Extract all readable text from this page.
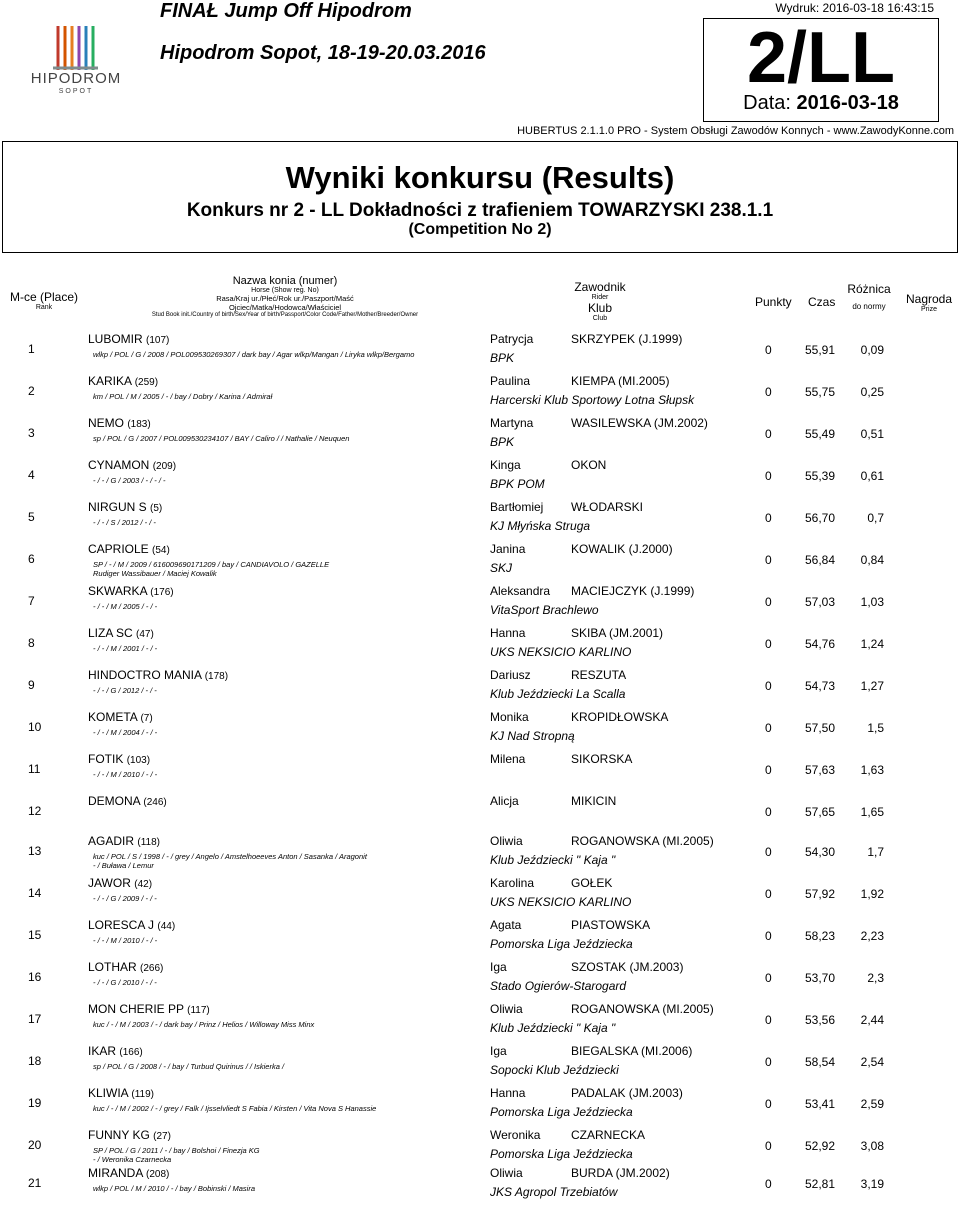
HIPODROM
SOPOT
FINAŁ Jump Off Hipodrom
Hipodrom Sopot, 18-19-20.03.2016
Wydruk: 2016-03-18 16:43:15
2/LL
Data: 2016-03-18
HUBERTUS 2.1.1.0 PRO - System Obsługi Zawodów Konnych - www.ZawodyKonne.com
Wyniki konkursu (Results)
Konkurs nr 2 - LL Dokładności z trafieniem TOWARZYSKI 238.1.1
(Competition No 2)
M-ce (Place)
Rank
Nazwa konia (numer)
Horse (Show reg. No)
Rasa/Kraj ur./Płeć/Rok ur./Paszport/Maść
Ojciec/Matka/Hodowca/Właściciel
Stud Book init./Country of birth/Sex/Year of birth/Passport/Color Code/Father/Mother/Breeder/Owner
Zawodnik
Rider
Klub
Club
Punkty Czas
Różnica
do normy
Nagroda
Prize
1
LUBOMIR (107)
wlkp / POL / G / 2008 / POL009530269307 / dark bay / Agar wlkp/Mangan / Liryka wlkp/Bergamo
Patrycja	SKRZYPEK (J.1999)
BPK
0	55,91	0,09
2
KARIKA (259)
km / POL / M / 2005 / - / bay / Dobry / Karina / Admirał
Paulina	KIEMPA (MI.2005)
Harcerski Klub Sportowy Lotna Słupsk
0	55,75	0,25
3
NEMO (183)
sp / POL / G / 2007 / POL009530234107 / BAY / Caliro / / Nathalie / Neuquen
Martyna	WASILEWSKA (JM.2002)
BPK
0	55,49	0,51
4
CYNAMON (209)
- / - / G / 2003 / - / - / -
Kinga	OKON
BPK POM
0	55,39	0,61
5
NIRGUN S (5)
- / - / S / 2012 / - / -
Bartłomiej WŁODARSKI
KJ Młyńska Struga
0	56,70	0,7
6
CAPRIOLE (54)
SP / - / M / 2009 / 616009690171209 / bay / CANDIAVOLO / GAZELLE
Rudiger Wassibauer / Maciej Kowalik
Janina	KOWALIK (J.2000)
SKJ
0	56,84	0,84
7
SKWARKA (176)
- / - / M / 2005 / - / -
Aleksandra MACIEJCZYK (J.1999)
VitaSport Brachlewo
0	57,03	1,03
8
LIZA SC (47)
- / - / M / 2001 / - / -
Hanna	SKIBA (JM.2001)
UKS NEKSICIO KARLINO
0	54,76	1,24
9
HINDOCTRO MANIA (178)
- / - / G / 2012 / - / -
Dariusz	RESZUTA
Klub Jeździecki La Scalla
0	54,73	1,27
10
KOMETA (7)
- / - / M / 2004 / - / -
Monika	KROPIDŁOWSKA
KJ Nad Stropną
0	57,50	1,5
11
FOTIK (103)
- / - / M / 2010 / - / -
Milena	SIKORSKA
0	57,63	1,63
12
DEMONA (246)	Alicja	MIKICIN
0	57,65	1,65
13
AGADIR (118)
kuc / POL / S / 1998 / - / grey / Angelo / Amstelhoeeves Anton / Sasanka / Aragonit
- / Buława / Lemur
Oliwia	ROGANOWSKA (MI.2005)
Klub Jeździecki " Kaja "
0	54,30	1,7
14
JAWOR (42)
- / - / G / 2009 / - / -
Karolina	GOŁEK
UKS NEKSICIO KARLINO
0	57,92	1,92
15
LORESCA J (44)
- / - / M / 2010 / - / -
Agata	PIASTOWSKA
Pomorska Liga Jeździecka
0	58,23	2,23
16
LOTHAR (266)
- / - / G / 2010 / - / -
Iga	SZOSTAK (JM.2003)
Stado Ogierów-Starogard
0	53,70	2,3
17
MON CHERIE PP (117)
kuc / - / M / 2003 / - / dark bay / Prinz / Helios / Willoway Miss Minx
Oliwia	ROGANOWSKA (MI.2005)
Klub Jeździecki " Kaja "
0	53,56	2,44
18
IKAR (166)
sp / POL / G / 2008 / - / bay / Turbud Quirinus / / Iskierka /
Iga	BIEGALSKA (MI.2006)
Sopocki Klub Jeździecki
0	58,54	2,54
19
KLIWIA (119)
kuc / - / M / 2002 / - / grey / Falk / Ijsselvliedt S Fabia / Kirsten / Vita Nova S Hanassie
Hanna	PADALAK (JM.2003)
Pomorska Liga Jeździecka
0	53,41	2,59
20
FUNNY KG (27)
SP / POL / G / 2011 / - / bay / Bolshoi / Finezja KG
- / Weronika Czarnecka
Weronika	CZARNECKA
Pomorska Liga Jeździecka
0	52,92	3,08
21
MIRANDA (208)
wlkp / POL / M / 2010 / - / bay / Bobinski / Masira
Oliwia	BURDA (JM.2002)
JKS Agropol Trzebiatów
0	52,81	3,19
